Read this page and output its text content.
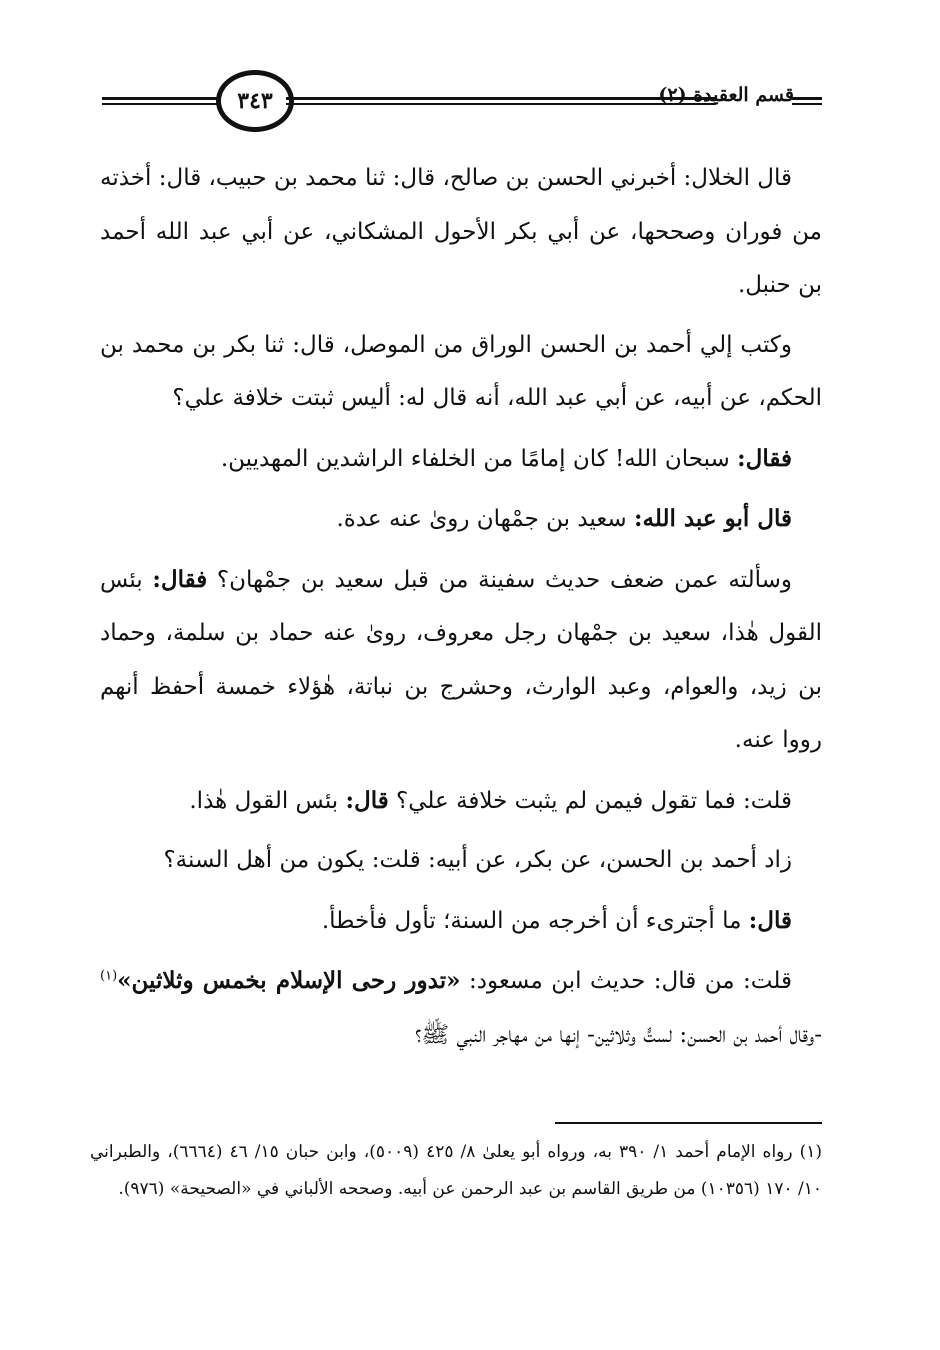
٣٤٣	قسم العقيدة (٢)

قال الخلال: أخبرني الحسن بن صالح، قال: ثنا محمد بن حبيب، قال: أخذته من فوران وصححها، عن أبي بكر الأحول المشكاني، عن أبي عبد الله أحمد بن حنبل.

وكتب إلي أحمد بن الحسن الوراق من الموصل، قال: ثنا بكر بن محمد بن الحكم، عن أبيه، عن أبي عبد الله، أنه قال له: أليس ثبتت خلافة علي؟

فقال: سبحان الله! كان إمامًا من الخلفاء الراشدين المهديين.

قال أبو عبد الله: سعيد بن جمْهان روىٰ عنه عدة.

وسألته عمن ضعف حديث سفينة من قبل سعيد بن جمْهان؟ فقال: بئس القول هٰذا، سعيد بن جمْهان رجل معروف، روىٰ عنه حماد بن سلمة، وحماد بن زيد، والعوام، وعبد الوارث، وحشرج بن نباتة، هٰؤلاء خمسة أحفظ أنهم رووا عنه.

قلت: فما تقول فيمن لم يثبت خلافة علي؟ قال: بئس القول هٰذا.

زاد أحمد بن الحسن، عن بكر، عن أبيه: قلت: يكون من أهل السنة؟

قال: ما أجترىء أن أخرجه من السنة؛ تأول فأخطأ.

قلت: من قال: حديث ابن مسعود: «تدور رحى الإسلام بخمس وثلاثين»$^{(١)}$ -وقال أحمد بن الحسن: لستٍّ وثلاثين- إنها من مهاجر النبي ﷺ؟

(١) رواه الإمام أحمد ١/ ٣٩٠ به، ورواه أبو يعلىٰ ٨/ ٤٢٥ (٥٠٠٩)، وابن حبان ١٥/ ٤٦ (٦٦٦٤)، والطبراني ١٠/ ١٧٠ (١٠٣٥٦) من طريق القاسم بن عبد الرحمن عن أبيه. وصححه الألباني في «الصحيحة» (٩٧٦).
